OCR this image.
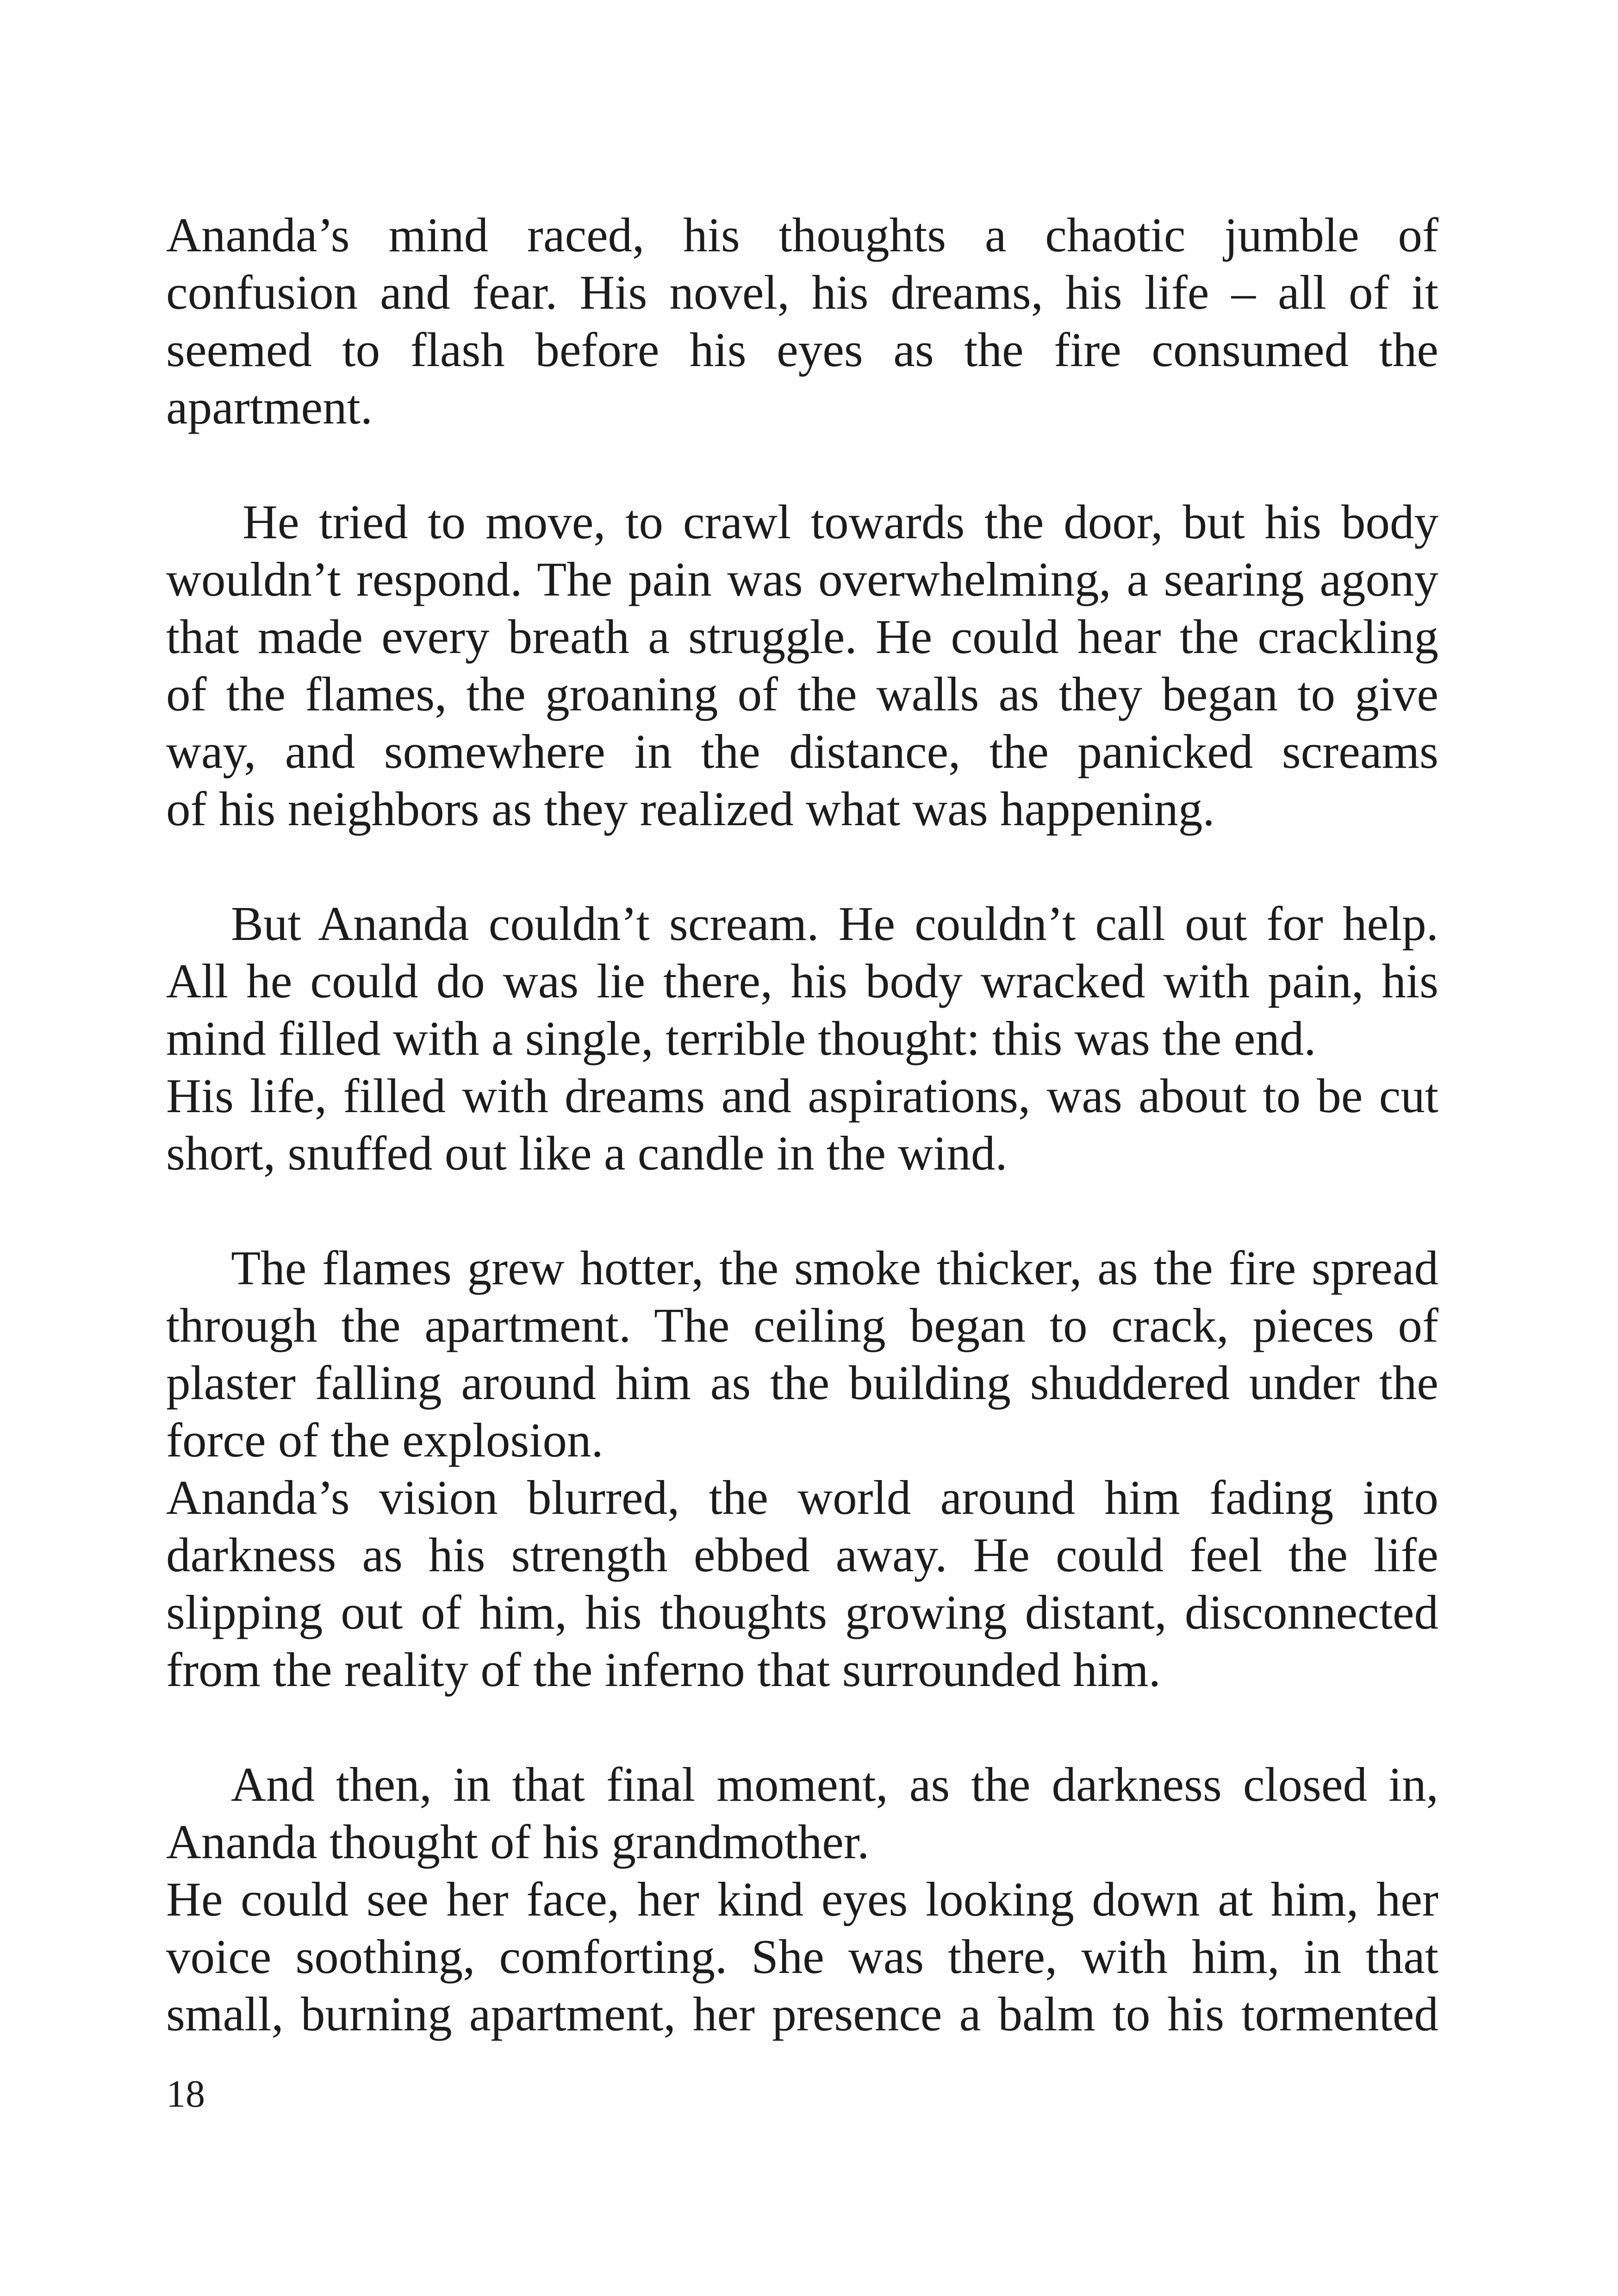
Ananda’s mind raced, his thoughts a chaotic jumble of
confusion and fear. His novel, his dreams, his life – all of it
seemed to flash before his eyes as the fire consumed the
apartment.
He tried to move, to crawl towards the door, but his body
wouldn’t respond. The pain was overwhelming, a searing agony
that made every breath a struggle. He could hear the crackling
of the flames, the groaning of the walls as they began to give
way, and somewhere in the distance, the panicked screams
of his neighbors as they realized what was happening.
But Ananda couldn’t scream. He couldn’t call out for help.
All he could do was lie there, his body wracked with pain, his
mind filled with a single, terrible thought: this was the end.
His life, filled with dreams and aspirations, was about to be cut
short, snuffed out like a candle in the wind.
The flames grew hotter, the smoke thicker, as the fire spread
through the apartment. The ceiling began to crack, pieces of
plaster falling around him as the building shuddered under the
force of the explosion.
Ananda’s vision blurred, the world around him fading into
darkness as his strength ebbed away. He could feel the life
slipping out of him, his thoughts growing distant, disconnected
from the reality of the inferno that surrounded him.
And then, in that final moment, as the darkness closed in,
Ananda thought of his grandmother.
He could see her face, her kind eyes looking down at him, her
voice soothing, comforting. She was there, with him, in that
small, burning apartment, her presence a balm to his tormented
18
